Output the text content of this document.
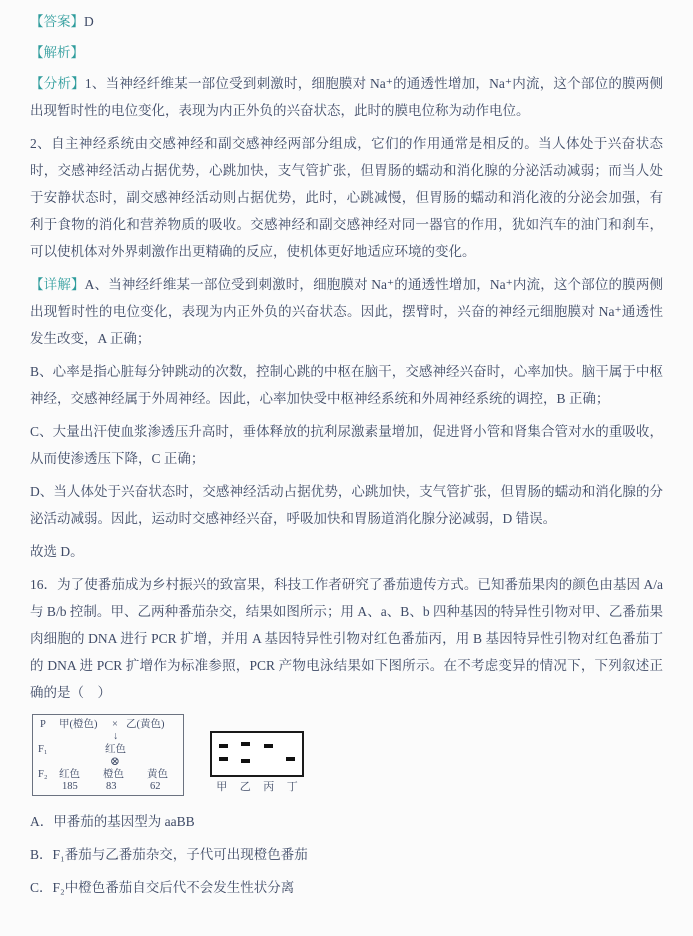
【答案】D

【解析】

【分析】1、当神经纤维某一部位受到刺激时，细胞膜对 Na⁺的通透性增加，Na⁺内流，这个部位的膜两侧出现暂时性的电位变化，表现为内正外负的兴奋状态，此时的膜电位称为动作电位。

2、自主神经系统由交感神经和副交感神经两部分组成，它们的作用通常是相反的。当人体处于兴奋状态时，交感神经活动占据优势，心跳加快，支气管扩张，但胃肠的蠕动和消化腺的分泌活动减弱；而当人处于安静状态时，副交感神经活动则占据优势，此时，心跳减慢，但胃肠的蠕动和消化液的分泌会加强，有利于食物的消化和营养物质的吸收。交感神经和副交感神经对同一器官的作用，犹如汽车的油门和刹车，可以使机体对外界刺激作出更精确的反应，使机体更好地适应环境的变化。

【详解】A、当神经纤维某一部位受到刺激时，细胞膜对 Na⁺的通透性增加，Na⁺内流，这个部位的膜两侧出现暂时性的电位变化，表现为内正外负的兴奋状态。因此，摆臂时，兴奋的神经元细胞膜对 Na⁺通透性发生改变，A 正确；

B、心率是指心脏每分钟跳动的次数，控制心跳的中枢在脑干，交感神经兴奋时，心率加快。脑干属于中枢神经，交感神经属于外周神经。因此，心率加快受中枢神经系统和外周神经系统的调控，B 正确；

C、大量出汗使血浆渗透压升高时，垂体释放的抗利尿激素量增加，促进肾小管和肾集合管对水的重吸收，从而使渗透压下降，C 正确；

D、当人体处于兴奋状态时，交感神经活动占据优势，心跳加快，支气管扩张，但胃肠的蠕动和消化腺的分泌活动减弱。因此，运动时交感神经兴奋，呼吸加快和胃肠道消化腺分泌减弱，D 错误。

故选 D。

16．为了使番茄成为乡村振兴的致富果，科技工作者研究了番茄遗传方式。已知番茄果肉的颜色由基因 A/a 与 B/b 控制。甲、乙两种番茄杂交，结果如图所示；用 A、a、B、b 四种基因的特异性引物对甲、乙番茄果肉细胞的 DNA 进行 PCR 扩增，并用 A 基因特异性引物对红色番茄丙，用 B 基因特异性引物对红色番茄丁的 DNA 进 PCR 扩增作为标准参照，PCR 产物电泳结果如下图所示。在不考虑变异的情况下，下列叙述正确的是（　）

P 甲(橙色) × 乙(黄色)
↓
F₁	红色
⊗
F₂ 红色 橙色 黄色
185	83	62	甲 乙 丙 丁

A．甲番茄的基因型为 aaBB

B．F₁番茄与乙番茄杂交，子代可出现橙色番茄

C．F₂中橙色番茄自交后代不会发生性状分离
